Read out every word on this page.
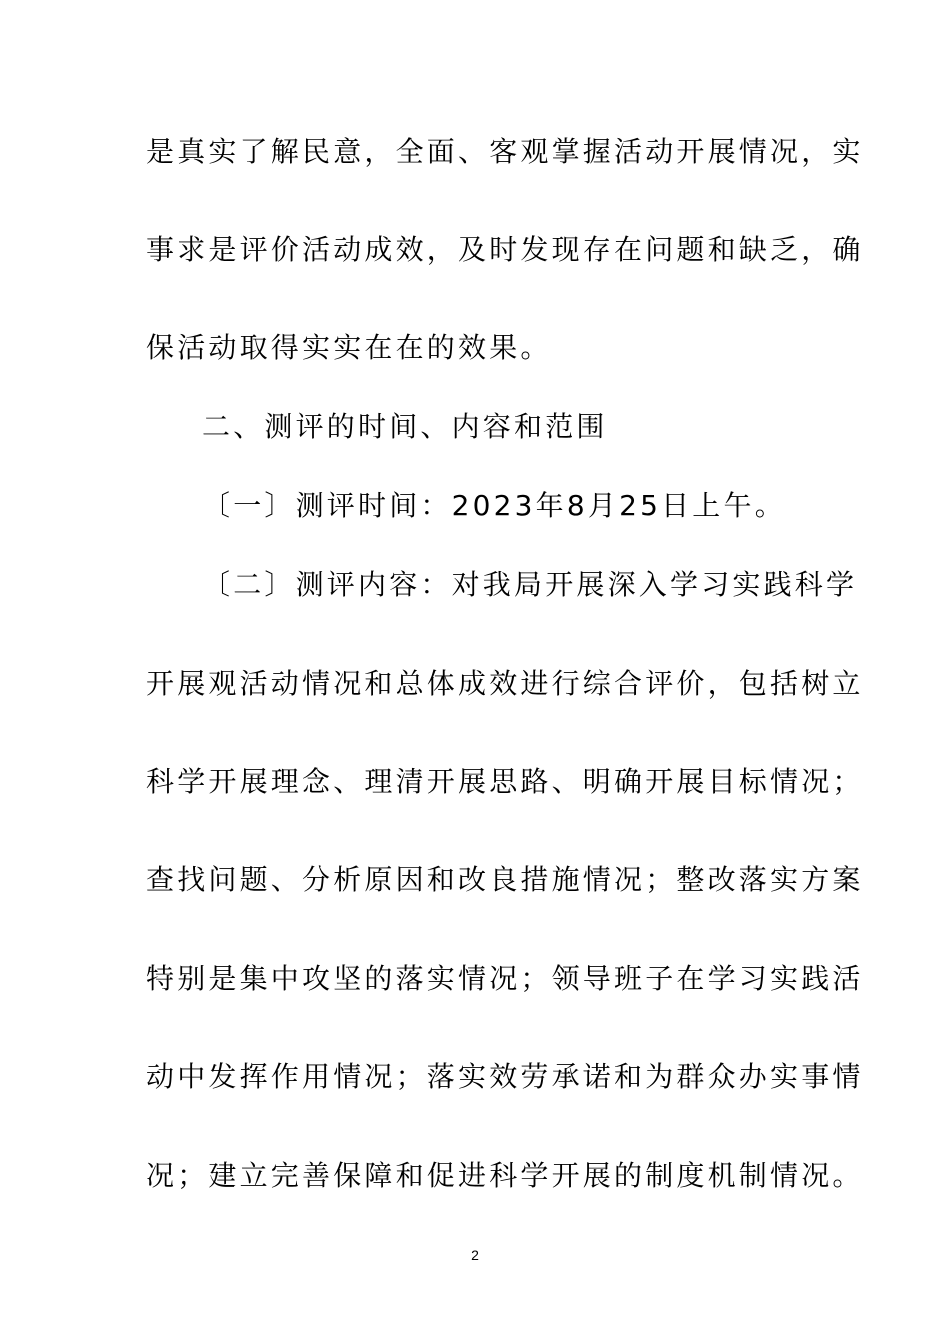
是真实了解民意，全面、客观掌握活动开展情况，实
事求是评价活动成效，及时发现存在问题和缺乏，确
保活动取得实实在在的效果。
二、测评的时间、内容和范围
〔一〕测评时间：2023年8月25日上午。
〔二〕测评内容：对我局开展深入学习实践科学
开展观活动情况和总体成效进行综合评价，包括树立
科学开展理念、理清开展思路、明确开展目标情况；
查找问题、分析原因和改良措施情况；整改落实方案
特别是集中攻坚的落实情况；领导班子在学习实践活
动中发挥作用情况；落实效劳承诺和为群众办实事情
况；建立完善保障和促进科学开展的制度机制情况。
2
